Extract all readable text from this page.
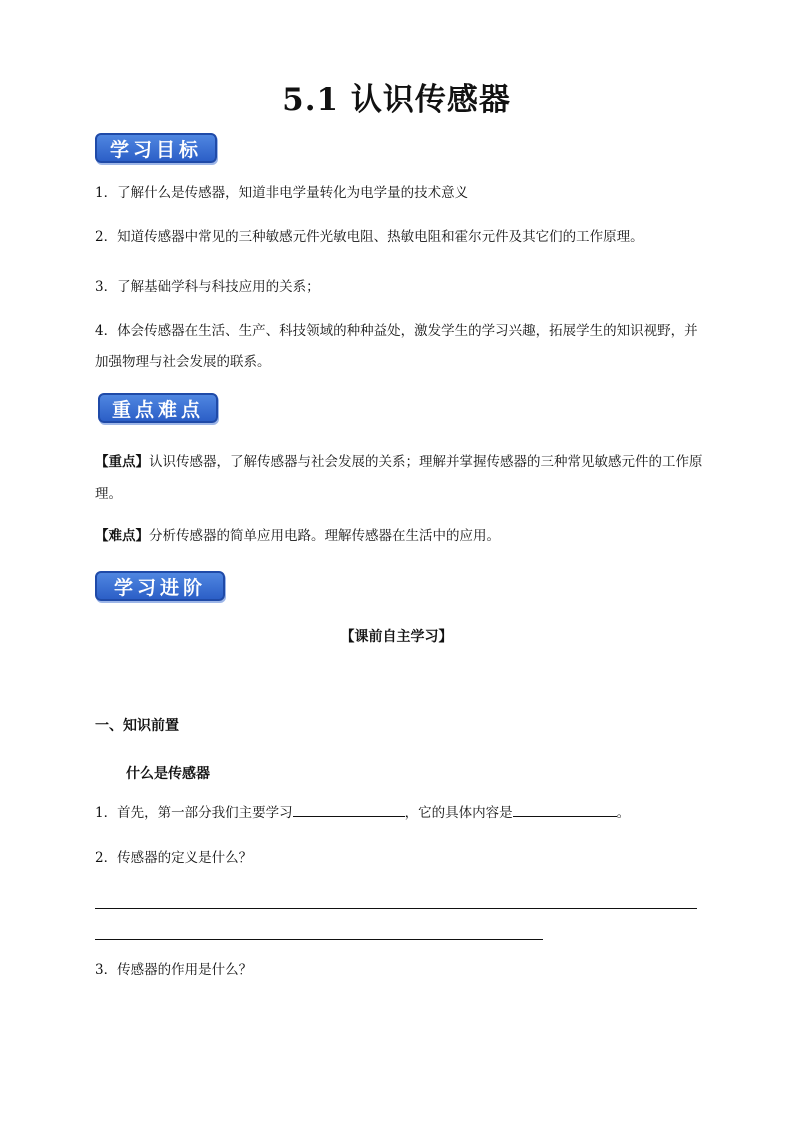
5.1 认识传感器
学习目标
1．了解什么是传感器，知道非电学量转化为电学量的技术意义
2．知道传感器中常见的三种敏感元件光敏电阻、热敏电阻和霍尔元件及其它们的工作原理。
3．了解基础学科与科技应用的关系；
4．体会传感器在生活、生产、科技领域的种种益处，激发学生的学习兴趣，拓展学生的知识视野，并加强物理与社会发展的联系。
重点难点
【重点】认识传感器，了解传感器与社会发展的关系；理解并掌握传感器的三种常见敏感元件的工作原理。
【难点】分析传感器的简单应用电路。理解传感器在生活中的应用。
学习进阶
【课前自主学习】
一、知识前置
什么是传感器
1．首先，第一部分我们主要学习	，它的具体内容是	。
2．传感器的定义是什么？
3．传感器的作用是什么？
